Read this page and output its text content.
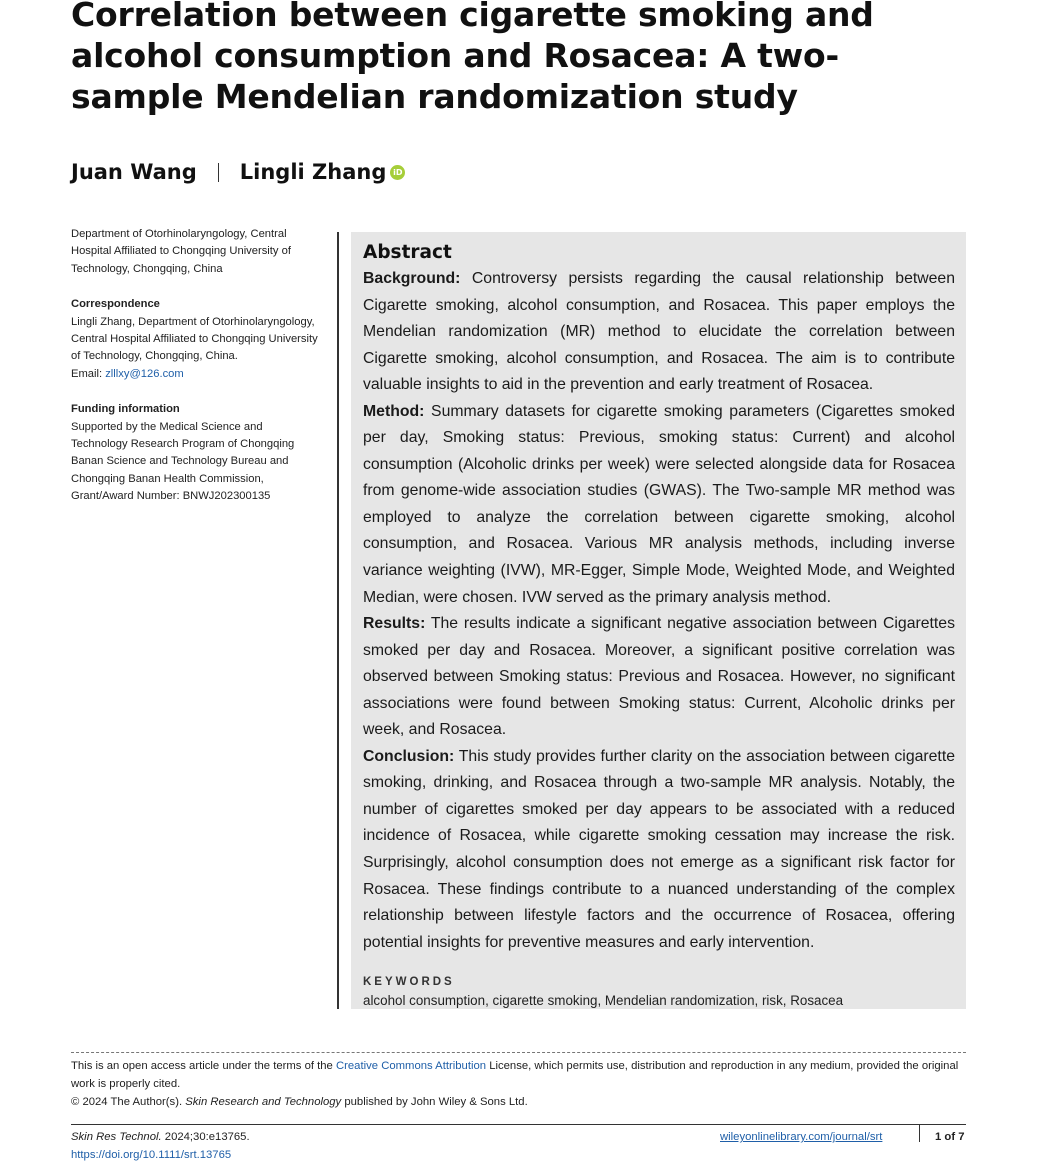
Correlation between cigarette smoking and alcohol consumption and Rosacea: A two-sample Mendelian randomization study
Juan Wang Lingli Zhang iD

Department of Otorhinolaryngology, Central Hospital Affiliated to Chongqing University of Technology, Chongqing, China

Correspondence
Lingli Zhang, Department of Otorhinolaryngology, Central Hospital Affiliated to Chongqing University of Technology, Chongqing, China.
Email: zlllxy@126.com

Funding information
Supported by the Medical Science and Technology Research Program of Chongqing Banan Science and Technology Bureau and Chongqing Banan Health Commission, Grant/Award Number: BNWJ202300135

Abstract

Background: Controversy persists regarding the causal relationship between Cigarette smoking, alcohol consumption, and Rosacea. This paper employs the Mendelian randomization (MR) method to elucidate the correlation between Cigarette smoking, alcohol consumption, and Rosacea. The aim is to contribute valuable insights to aid in the prevention and early treatment of Rosacea.

Method: Summary datasets for cigarette smoking parameters (Cigarettes smoked per day, Smoking status: Previous, smoking status: Current) and alcohol consumption (Alcoholic drinks per week) were selected alongside data for Rosacea from genome-wide association studies (GWAS). The Two-sample MR method was employed to analyze the correlation between cigarette smoking, alcohol consumption, and Rosacea. Various MR analysis methods, including inverse variance weighting (IVW), MR-Egger, Simple Mode, Weighted Mode, and Weighted Median, were chosen. IVW served as the primary analysis method.

Results: The results indicate a significant negative association between Cigarettes smoked per day and Rosacea. Moreover, a significant positive correlation was observed between Smoking status: Previous and Rosacea. However, no significant associations were found between Smoking status: Current, Alcoholic drinks per week, and Rosacea.

Conclusion: This study provides further clarity on the association between cigarette smoking, drinking, and Rosacea through a two-sample MR analysis. Notably, the number of cigarettes smoked per day appears to be associated with a reduced incidence of Rosacea, while cigarette smoking cessation may increase the risk. Surprisingly, alcohol consumption does not emerge as a significant risk factor for Rosacea. These findings contribute to a nuanced understanding of the complex relationship between lifestyle factors and the occurrence of Rosacea, offering potential insights for preventive measures and early intervention.

KEYWORDS
alcohol consumption, cigarette smoking, Mendelian randomization, risk, Rosacea
This is an open access article under the terms of the Creative Commons Attribution License, which permits use, distribution and reproduction in any medium, provided the original work is properly cited.
© 2024 The Author(s). Skin Research and Technology published by John Wiley & Sons Ltd.
Skin Res Technol. 2024;30:e13765.
https://doi.org/10.1111/srt.13765
wileyonlinelibrary.com/journal/srt	1 of 7
